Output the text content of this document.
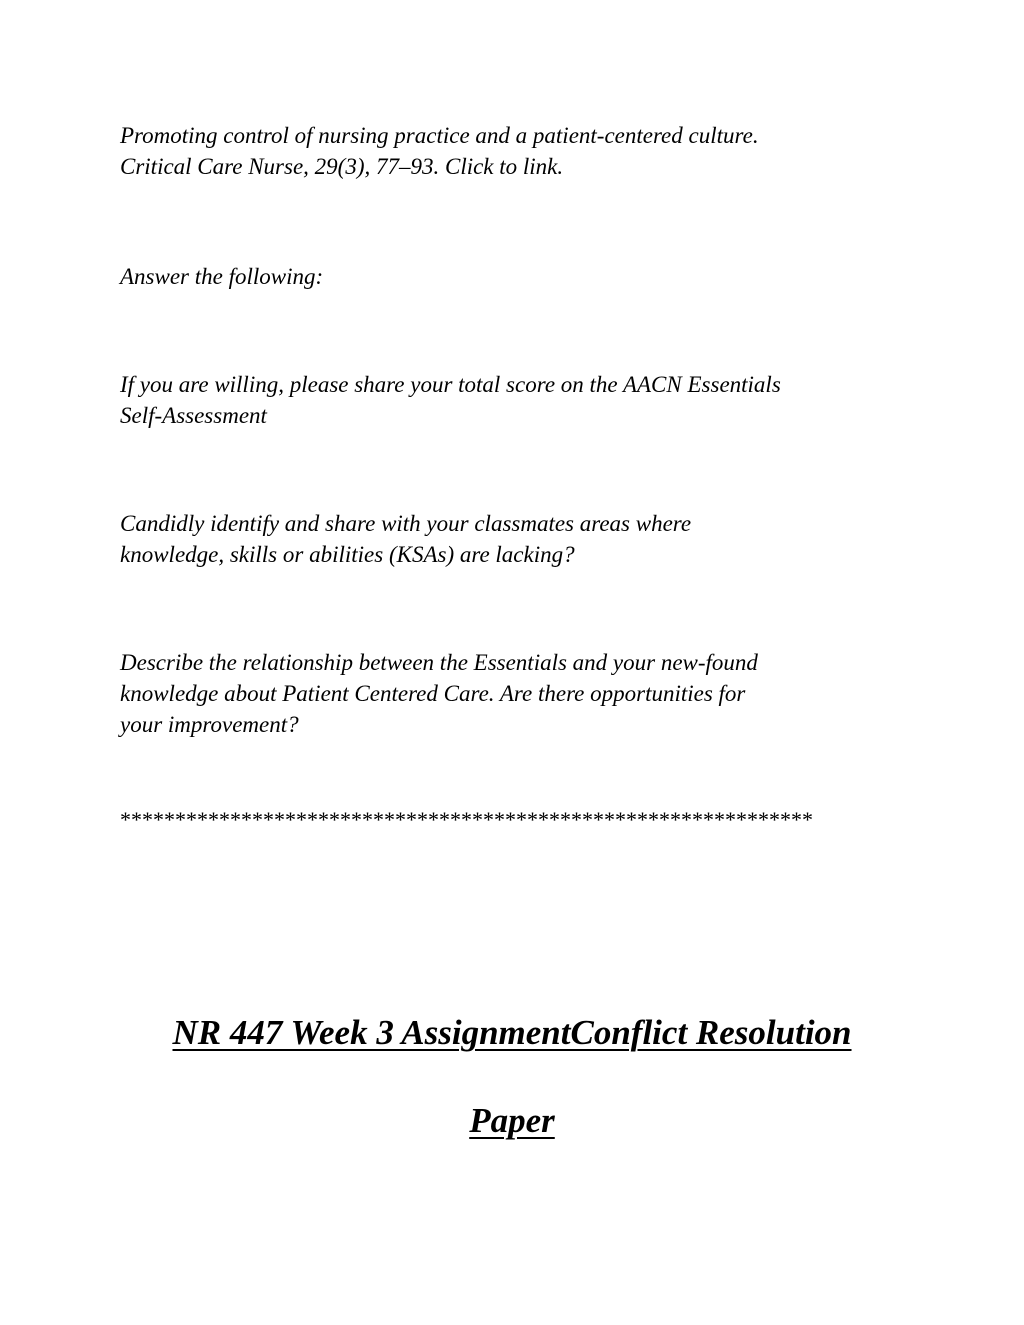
Promoting control of nursing practice and a patient-centered culture.
Critical Care Nurse, 29(3), 77–93. Click to link.

Answer the following:

If you are willing, please share your total score on the AACN Essentials
Self-Assessment

Candidly identify and share with your classmates areas where
knowledge, skills or abilities (KSAs) are lacking?

Describe the relationship between the Essentials and your new-found
knowledge about Patient Centered Care. Are there opportunities for
your improvement?

***************************************************************
NR 447 Week 3 AssignmentConflict Resolution
Paper
